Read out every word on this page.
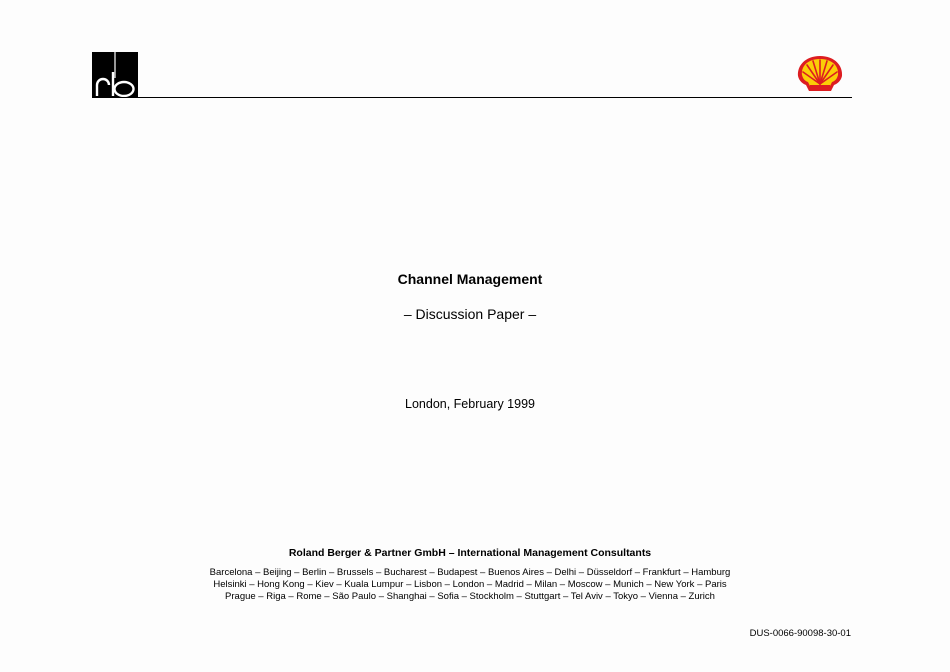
Channel Management

– Discussion Paper –

London, February 1999

Roland Berger & Partner GmbH – International Management Consultants

Barcelona – Beijing – Berlin – Brussels – Bucharest – Budapest – Buenos Aires – Delhi – Düsseldorf – Frankfurt – Hamburg
Helsinki – Hong Kong – Kiev – Kuala Lumpur – Lisbon – London – Madrid – Milan – Moscow – Munich – New York – Paris
Prague – Riga – Rome – São Paulo – Shanghai – Sofia – Stockholm – Stuttgart – Tel Aviv – Tokyo – Vienna – Zurich

DUS-0066-90098-30-01
